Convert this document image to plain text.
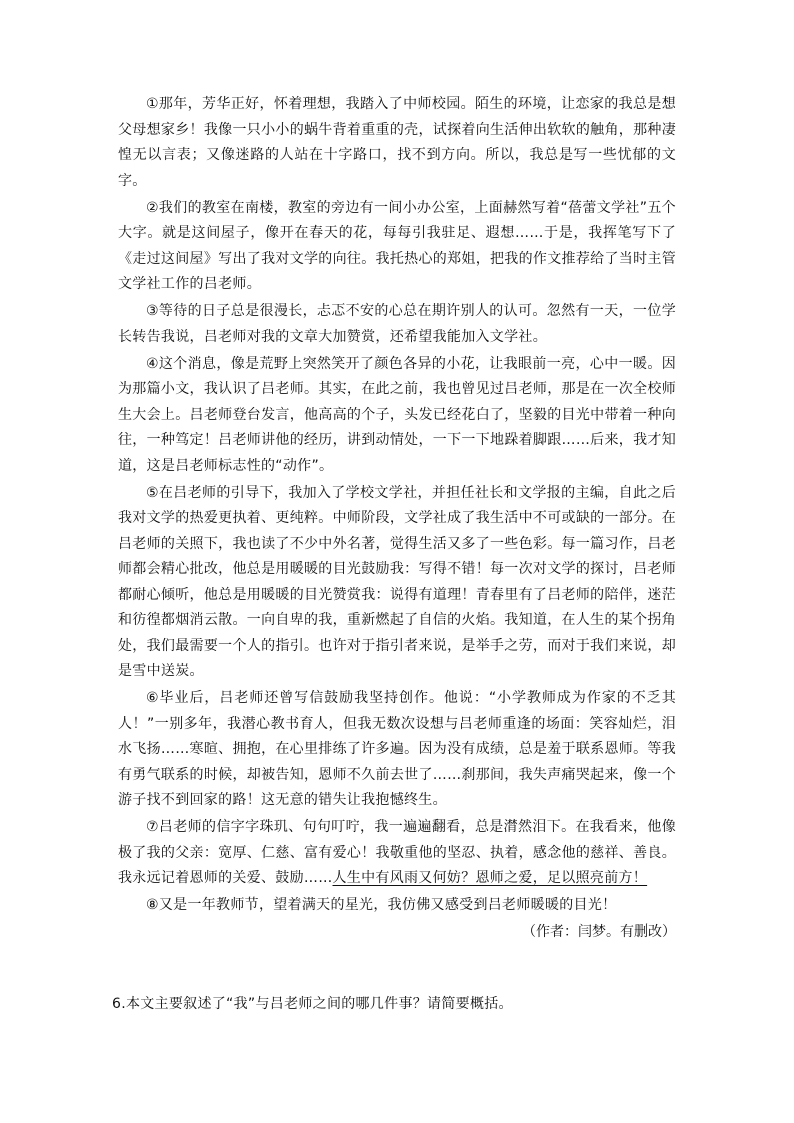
①那年，芳华正好，怀着理想，我踏入了中师校园。陌生的环境，让恋家的我总是想父母想家乡！我像一只小小的蜗牛背着重重的壳，试探着向生活伸出软软的触角，那种凄惶无以言表；又像迷路的人站在十字路口，找不到方向。所以，我总是写一些忧郁的文字。

②我们的教室在南楼，教室的旁边有一间小办公室，上面赫然写着“蓓蕾文学社”五个大字。就是这间屋子，像开在春天的花，每每引我驻足、遐想……于是，我挥笔写下了《走过这间屋》写出了我对文学的向往。我托热心的郑姐，把我的作文推荐给了当时主管文学社工作的吕老师。

③等待的日子总是很漫长，忐忑不安的心总在期许别人的认可。忽然有一天，一位学长转告我说，吕老师对我的文章大加赞赏，还希望我能加入文学社。

④这个消息，像是荒野上突然笑开了颜色各异的小花，让我眼前一亮，心中一暖。因为那篇小文，我认识了吕老师。其实，在此之前，我也曾见过吕老师，那是在一次全校师生大会上。吕老师登台发言，他高高的个子，头发已经花白了，坚毅的目光中带着一种向往，一种笃定！吕老师讲他的经历，讲到动情处，一下一下地跺着脚跟……后来，我才知道，这是吕老师标志性的“动作”。

⑤在吕老师的引导下，我加入了学校文学社，并担任社长和文学报的主编，自此之后我对文学的热爱更执着、更纯粹。中师阶段，文学社成了我生活中不可或缺的一部分。在吕老师的关照下，我也读了不少中外名著，觉得生活又多了一些色彩。每一篇习作，吕老师都会精心批改，他总是用暖暖的目光鼓励我：写得不错！每一次对文学的探讨，吕老师都耐心倾听，他总是用暖暖的目光赞赏我：说得有道理！青春里有了吕老师的陪伴，迷茫和彷徨都烟消云散。一向自卑的我，重新燃起了自信的火焰。我知道，在人生的某个拐角处，我们最需要一个人的指引。也许对于指引者来说，是举手之劳，而对于我们来说，却是雪中送炭。

⑥毕业后，吕老师还曾写信鼓励我坚持创作。他说：“小学教师成为作家的不乏其人！”一别多年，我潜心教书育人，但我无数次设想与吕老师重逢的场面：笑容灿烂，泪水飞扬……寒暄、拥抱，在心里排练了许多遍。因为没有成绩，总是羞于联系恩师。等我有勇气联系的时候，却被告知，恩师不久前去世了……刹那间，我失声痛哭起来，像一个游子找不到回家的路！这无意的错失让我抱憾终生。

⑦吕老师的信字字珠玑、句句叮咛，我一遍遍翻看，总是潸然泪下。在我看来，他像极了我的父亲：宽厚、仁慈、富有爱心！我敬重他的坚忍、执着，感念他的慈祥、善良。我永远记着恩师的关爱、鼓励……人生中有风雨又何妨？恩师之爱，足以照亮前方！

⑧又是一年教师节，望着满天的星光，我仿佛又感受到吕老师暖暖的目光！

（作者：闫梦。有删改）

6.本文主要叙述了“我”与吕老师之间的哪几件事？请简要概括。
